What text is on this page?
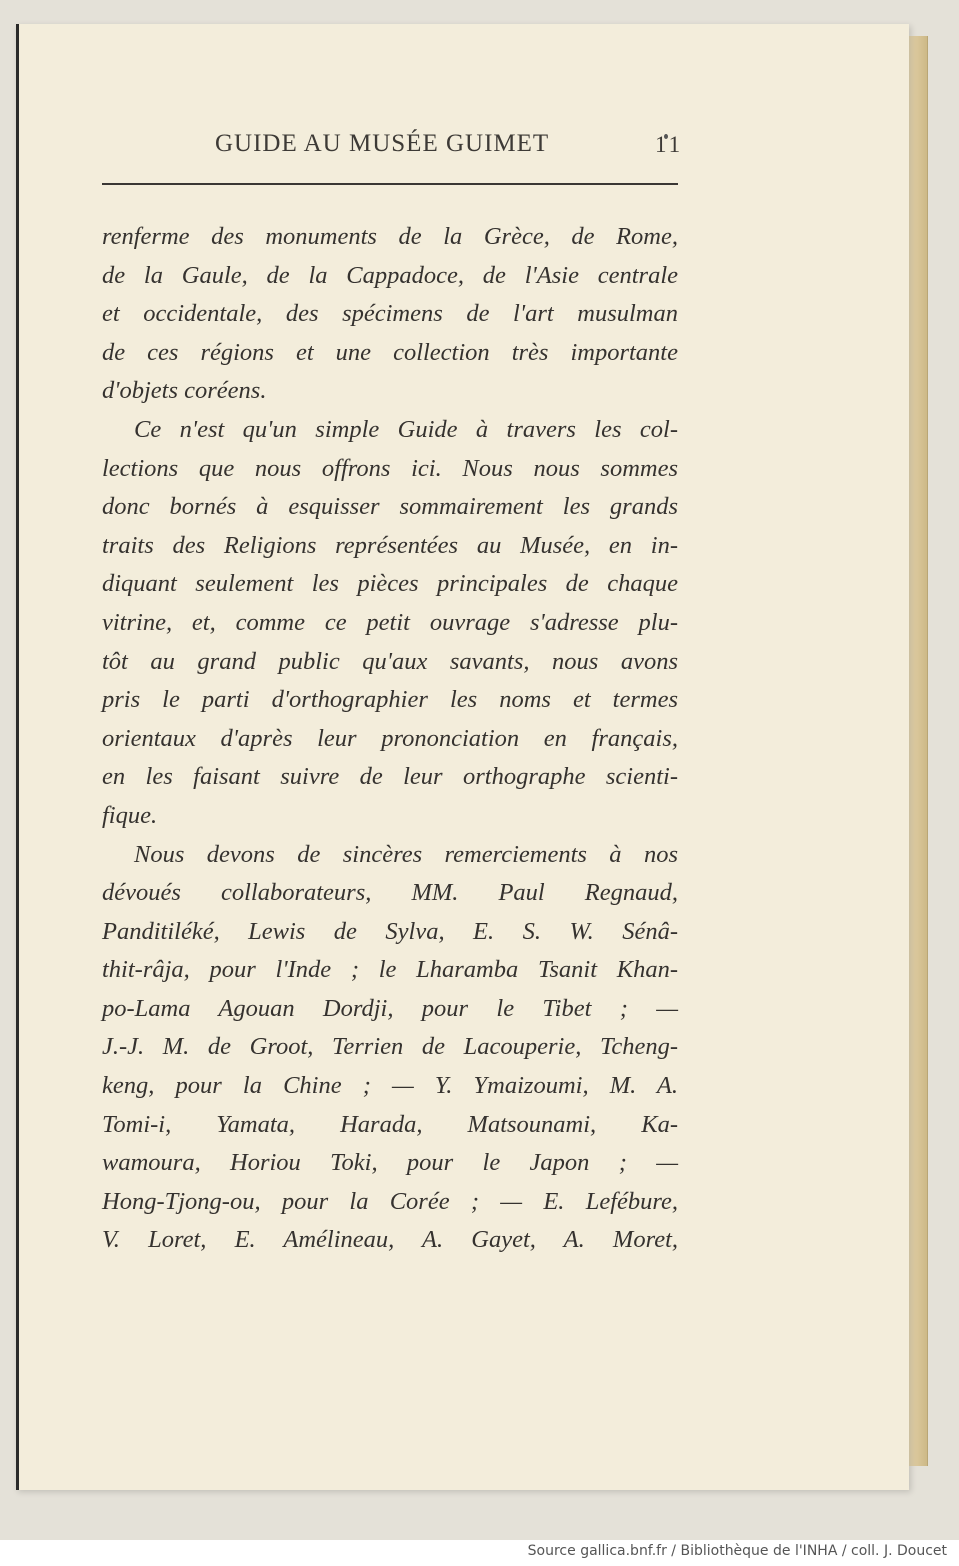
GUIDE AU MUSÉE GUIMET	11
renferme des monuments de la Grèce, de Rome,
de la Gaule, de la Cappadoce, de l'Asie centrale
et occidentale, des spécimens de l'art musulman
de ces régions et une collection très importante
d'objets coréens.
Ce n'est qu'un simple Guide à travers les col-
lections que nous offrons ici. Nous nous sommes
donc bornés à esquisser sommairement les grands
traits des Religions représentées au Musée, en in-
diquant seulement les pièces principales de chaque
vitrine, et, comme ce petit ouvrage s'adresse plu-
tôt au grand public qu'aux savants, nous avons
pris le parti d'orthographier les noms et termes
orientaux d'après leur prononciation en français,
en les faisant suivre de leur orthographe scienti-
fique.
Nous devons de sincères remerciements à nos
dévoués collaborateurs, MM. Paul Regnaud,
Panditiléké, Lewis de Sylva, E. S. W. Sénâ-
thit-râja, pour l'Inde ; le Lharamba Tsanit Khan-
po-Lama Agouan Dordji, pour le Tibet ; —
J.-J. M. de Groot, Terrien de Lacouperie, Tcheng-
keng, pour la Chine ; — Y. Ymaizoumi, M. A.
Tomi-i, Yamata, Harada, Matsounami, Ka-
wamoura, Horiou Toki, pour le Japon ; —
Hong-Tjong-ou, pour la Corée ; — E. Lefébure,
V. Loret, E. Amélineau, A. Gayet, A. Moret,
Source gallica.bnf.fr / Bibliothèque de l'INHA / coll. J. Doucet
